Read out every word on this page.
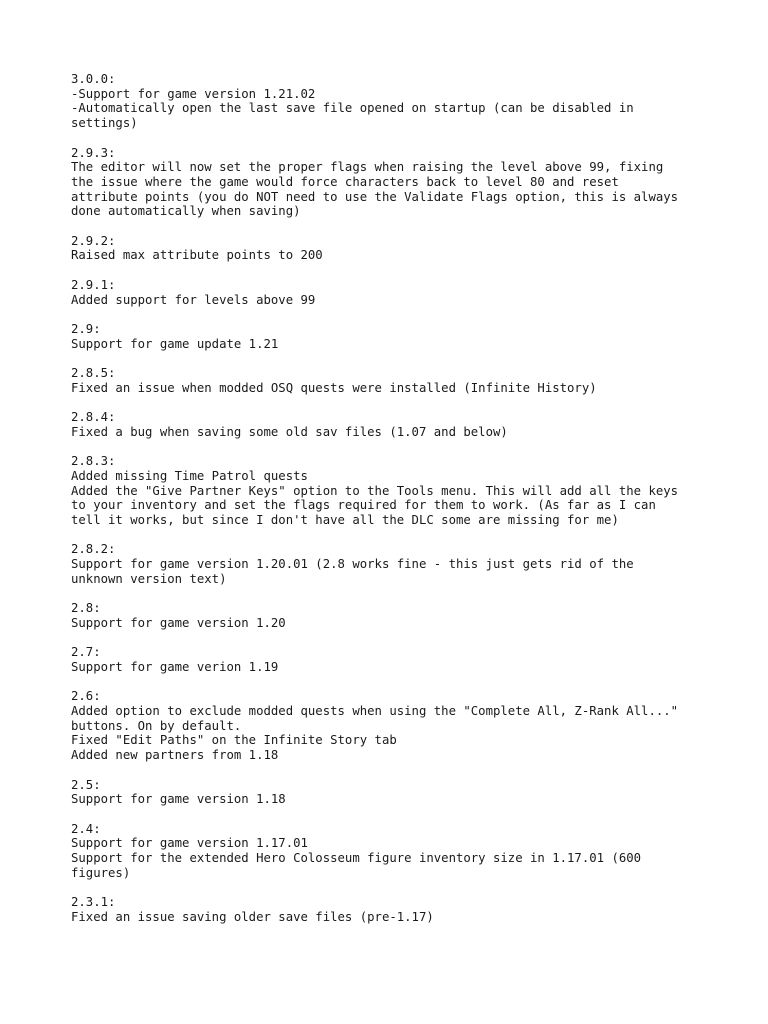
3.0.0:
-Support for game version 1.21.02
-Automatically open the last save file opened on startup (can be disabled in
settings)
2.9.3:
The editor will now set the proper flags when raising the level above 99, fixing
the issue where the game would force characters back to level 80 and reset
attribute points (you do NOT need to use the Validate Flags option, this is always
done automatically when saving)
2.9.2:
Raised max attribute points to 200
2.9.1:
Added support for levels above 99
2.9:
Support for game update 1.21
2.8.5:
Fixed an issue when modded OSQ quests were installed (Infinite History)
2.8.4:
Fixed a bug when saving some old sav files (1.07 and below)
2.8.3:
Added missing Time Patrol quests
Added the "Give Partner Keys" option to the Tools menu. This will add all the keys
to your inventory and set the flags required for them to work. (As far as I can
tell it works, but since I don't have all the DLC some are missing for me)
2.8.2:
Support for game version 1.20.01 (2.8 works fine - this just gets rid of the
unknown version text)
2.8:
Support for game version 1.20
2.7:
Support for game verion 1.19
2.6:
Added option to exclude modded quests when using the "Complete All, Z-Rank All..."
buttons. On by default.
Fixed "Edit Paths" on the Infinite Story tab
Added new partners from 1.18
2.5:
Support for game version 1.18
2.4:
Support for game version 1.17.01
Support for the extended Hero Colosseum figure inventory size in 1.17.01 (600
figures)
2.3.1:
Fixed an issue saving older save files (pre-1.17)
